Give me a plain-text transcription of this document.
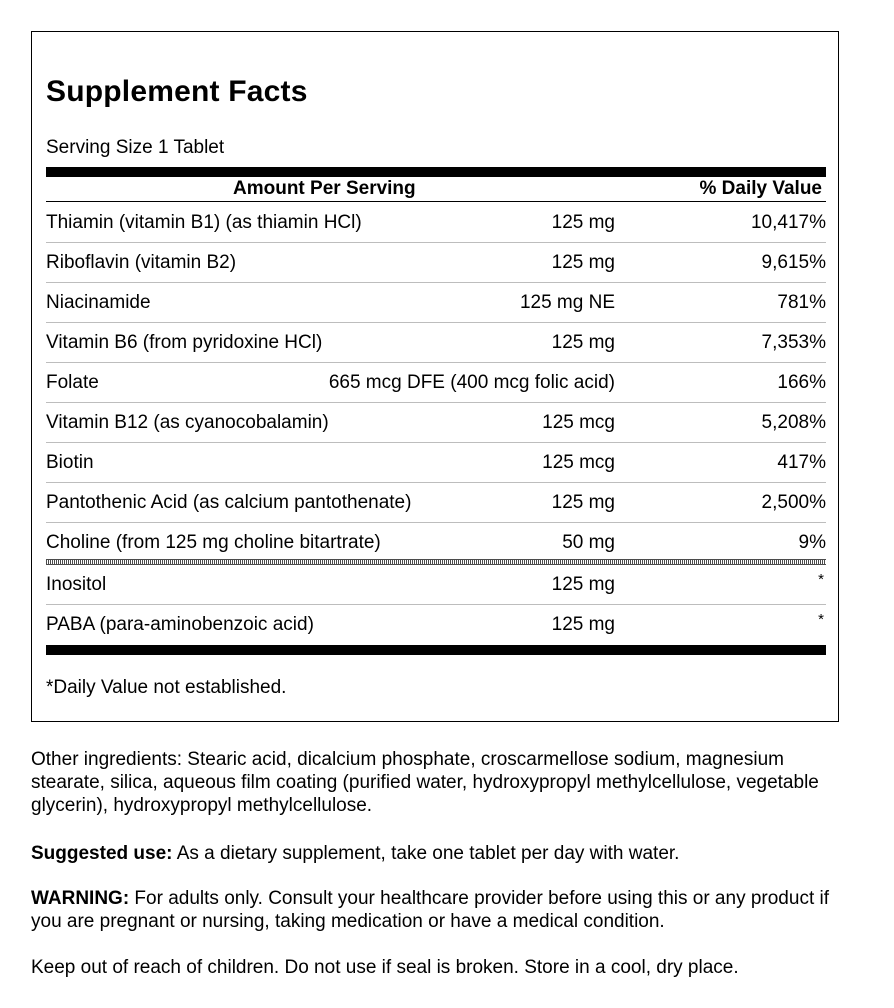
Supplement Facts
Serving Size 1 Tablet
Amount Per Serving	% Daily Value
Thiamin (vitamin B1) (as thiamin HCl)	125 mg	10,417%
Riboflavin (vitamin B2)	125 mg	9,615%
Niacinamide	125 mg NE	781%
Vitamin B6 (from pyridoxine HCl)	125 mg	7,353%
Folate	665 mcg DFE (400 mcg folic acid)	166%
Vitamin B12 (as cyanocobalamin)	125 mcg	5,208%
Biotin	125 mcg	417%
Pantothenic Acid (as calcium pantothenate)	125 mg	2,500%
Choline (from 125 mg choline bitartrate)	50 mg	9%
Inositol	125 mg	*
PABA (para-aminobenzoic acid)	125 mg	*
*Daily Value not established.

Other ingredients: Stearic acid, dicalcium phosphate, croscarmellose sodium, magnesium stearate, silica, aqueous film coating (purified water, hydroxypropyl methylcellulose, vegetable glycerin), hydroxypropyl methylcellulose.

Suggested use: As a dietary supplement, take one tablet per day with water.

WARNING: For adults only. Consult your healthcare provider before using this or any product if you are pregnant or nursing, taking medication or have a medical condition.

Keep out of reach of children. Do not use if seal is broken. Store in a cool, dry place.
